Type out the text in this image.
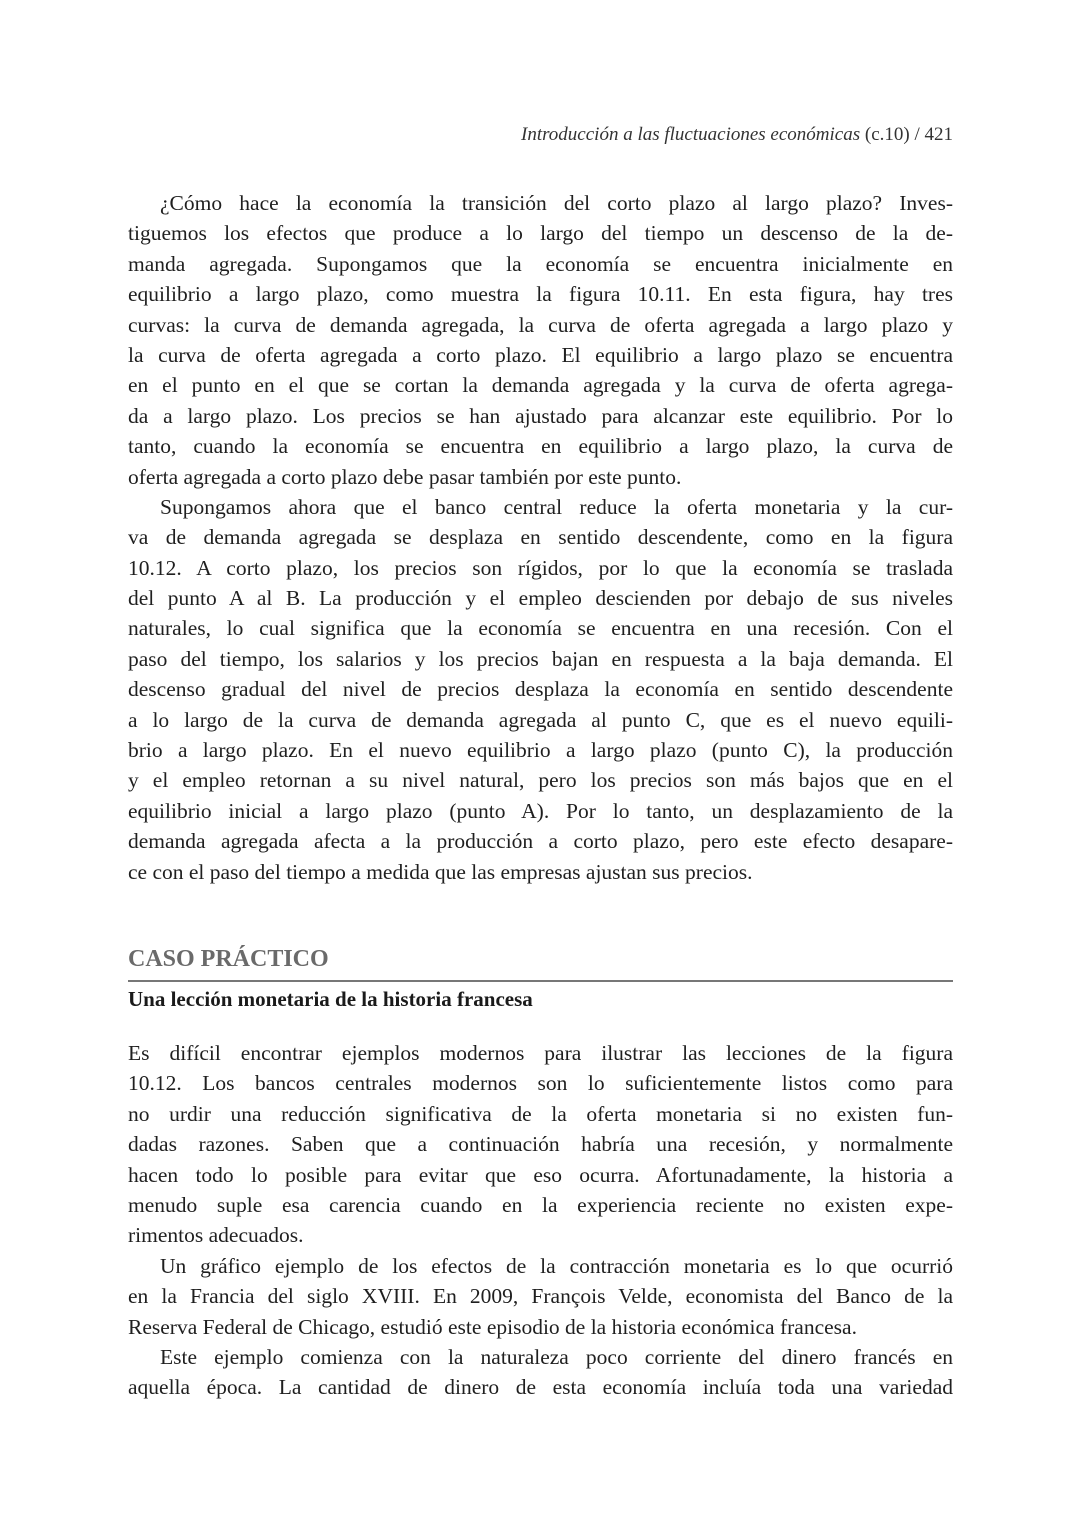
Introducción a las fluctuaciones económicas (c.10) / 421
¿Cómo hace la economía la transición del corto plazo al largo plazo? Inves-
tiguemos los efectos que produce a lo largo del tiempo un descenso de la de-
manda agregada. Supongamos que la economía se encuentra inicialmente en
equilibrio a largo plazo, como muestra la figura 10.11. En esta figura, hay tres
curvas: la curva de demanda agregada, la curva de oferta agregada a largo plazo y
la curva de oferta agregada a corto plazo. El equilibrio a largo plazo se encuentra
en el punto en el que se cortan la demanda agregada y la curva de oferta agrega-
da a largo plazo. Los precios se han ajustado para alcanzar este equilibrio. Por lo
tanto, cuando la economía se encuentra en equilibrio a largo plazo, la curva de
oferta agregada a corto plazo debe pasar también por este punto.
Supongamos ahora que el banco central reduce la oferta monetaria y la cur-
va de demanda agregada se desplaza en sentido descendente, como en la figura
10.12. A corto plazo, los precios son rígidos, por lo que la economía se traslada
del punto A al B. La producción y el empleo descienden por debajo de sus niveles
naturales, lo cual significa que la economía se encuentra en una recesión. Con el
paso del tiempo, los salarios y los precios bajan en respuesta a la baja demanda. El
descenso gradual del nivel de precios desplaza la economía en sentido descendente
a lo largo de la curva de demanda agregada al punto C, que es el nuevo equili-
brio a largo plazo. En el nuevo equilibrio a largo plazo (punto C), la producción
y el empleo retornan a su nivel natural, pero los precios son más bajos que en el
equilibrio inicial a largo plazo (punto A). Por lo tanto, un desplazamiento de la
demanda agregada afecta a la producción a corto plazo, pero este efecto desapare-
ce con el paso del tiempo a medida que las empresas ajustan sus precios.
CASO PRÁCTICO
Una lección monetaria de la historia francesa
Es difícil encontrar ejemplos modernos para ilustrar las lecciones de la figura
10.12. Los bancos centrales modernos son lo suficientemente listos como para
no urdir una reducción significativa de la oferta monetaria si no existen fun-
dadas razones. Saben que a continuación habría una recesión, y normalmente
hacen todo lo posible para evitar que eso ocurra. Afortunadamente, la historia a
menudo suple esa carencia cuando en la experiencia reciente no existen expe-
rimentos adecuados.
Un gráfico ejemplo de los efectos de la contracción monetaria es lo que ocurrió
en la Francia del siglo XVIII. En 2009, François Velde, economista del Banco de la
Reserva Federal de Chicago, estudió este episodio de la historia económica francesa.
Este ejemplo comienza con la naturaleza poco corriente del dinero francés en
aquella época. La cantidad de dinero de esta economía incluía toda una variedad
